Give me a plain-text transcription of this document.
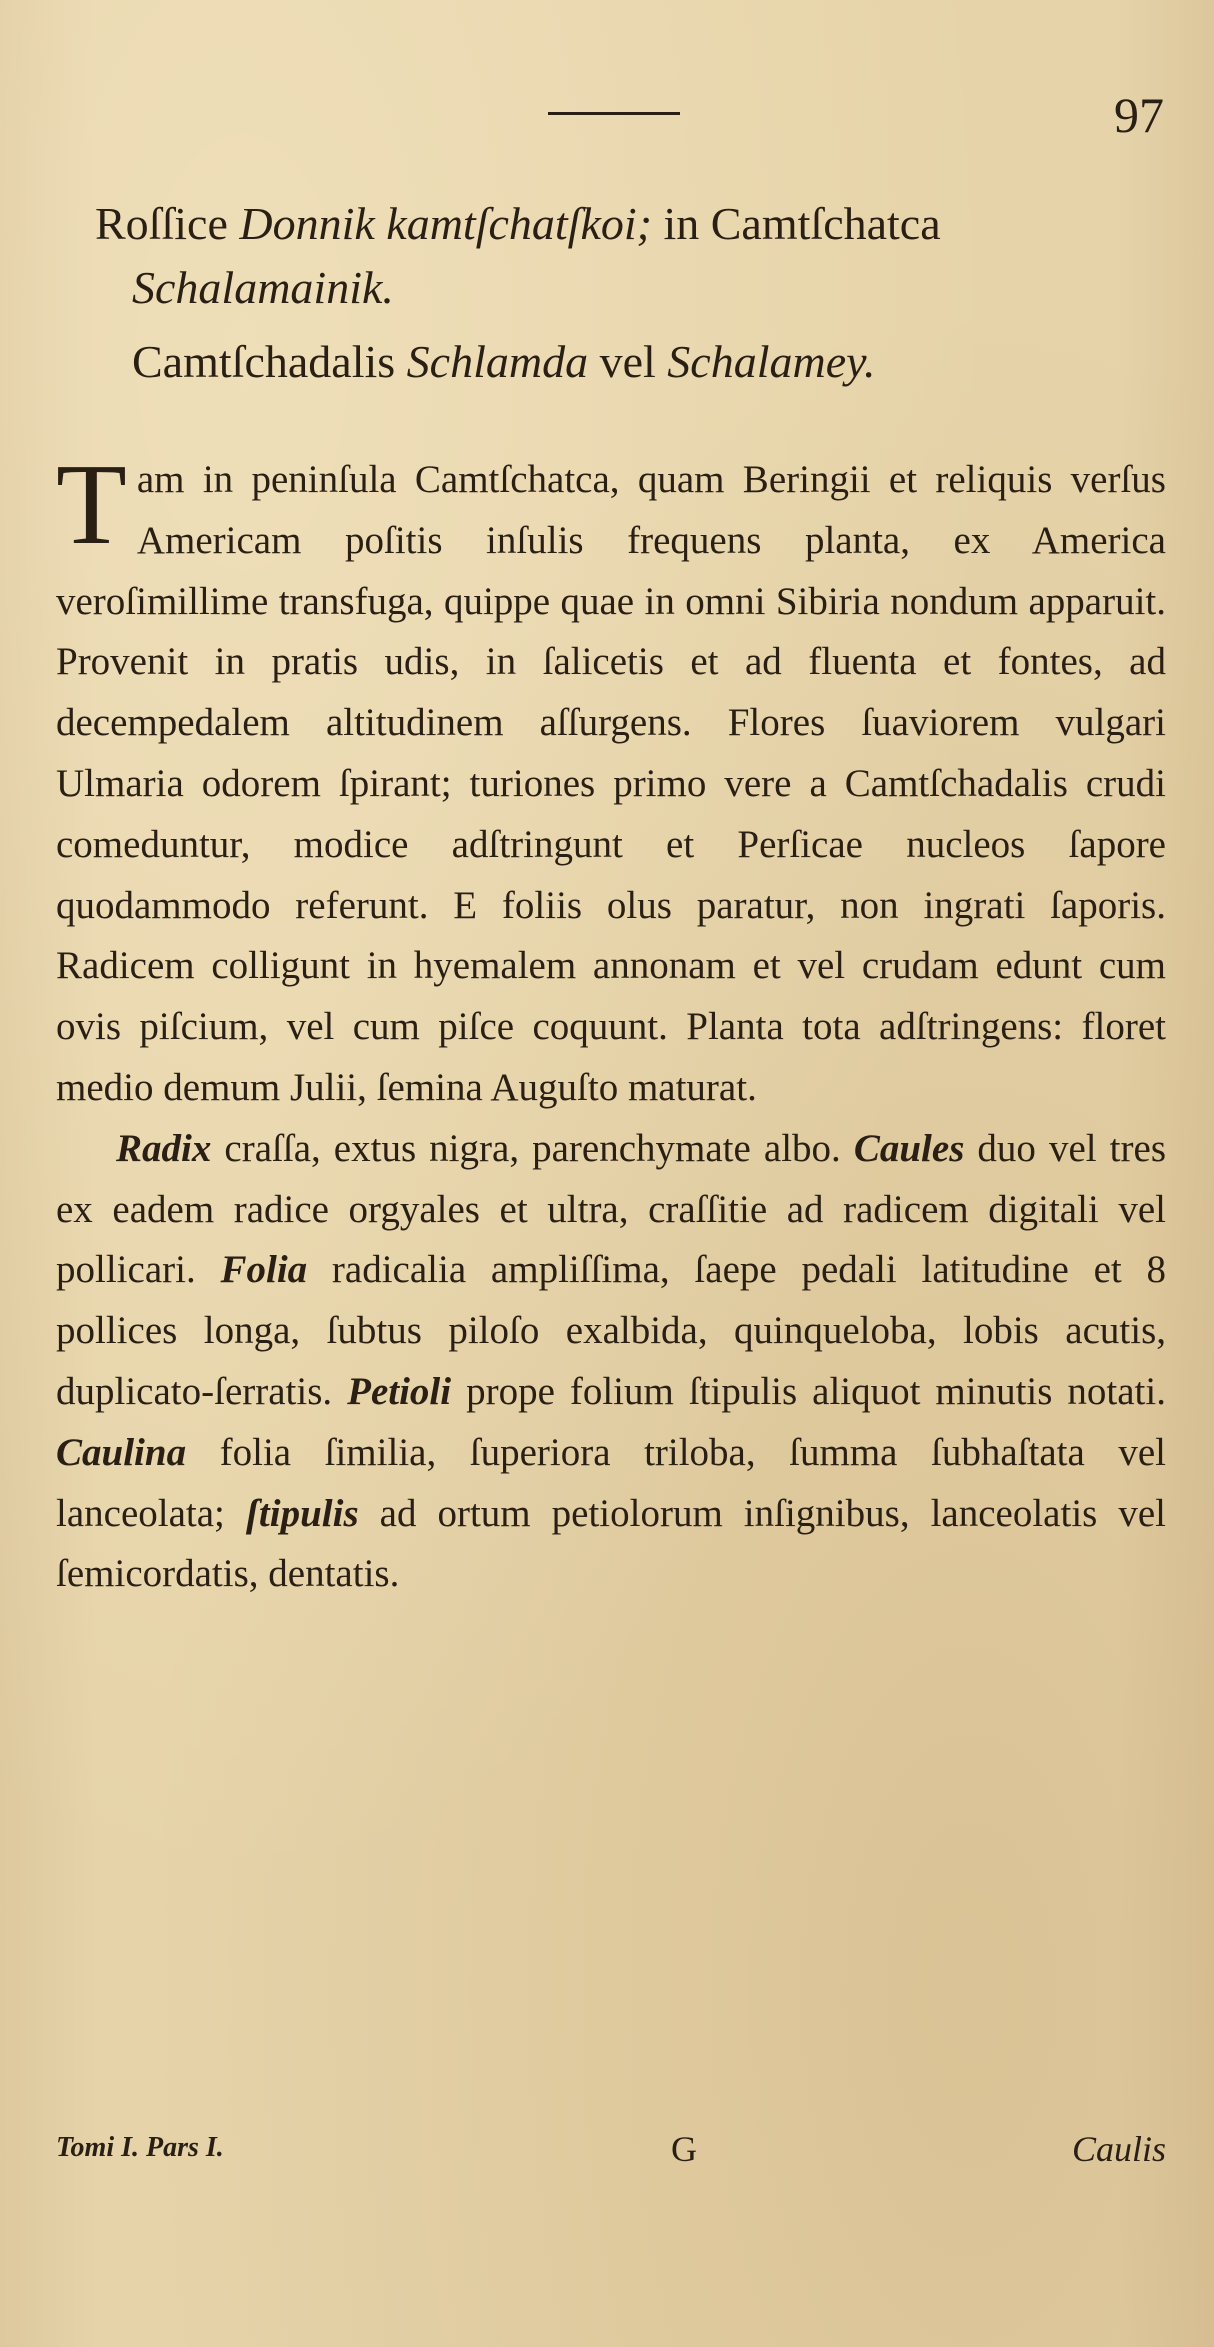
97
Roſſice Donnik kamtſchatſkoi; in Camtſchatca
Schalamainik.
Camtſchadalis Schlamda vel Schalamey.

Tam in peninſula Camtſchatca, quam Beringii et reliquis verſus Americam poſitis inſulis frequens planta, ex America veroſimillime transfuga, quippe quae in omni Sibiria nondum apparuit. Provenit in pratis udis, in ſalicetis et ad fluenta et fontes, ad decempedalem altitudinem aſſurgens. Flores ſuaviorem vulgari Ulmaria odorem ſpirant; turiones primo vere a Camtſchadalis crudi comeduntur, modice adſtringunt et Perſicae nucleos ſapore quodammodo referunt. E foliis olus paratur, non ingrati ſaporis. Radicem colligunt in hyemalem annonam et vel crudam edunt cum ovis piſcium, vel cum piſce coquunt. Planta tota adſtringens: floret medio demum Julii, ſemina Auguſto maturat.

Radix craſſa, extus nigra, parenchymate albo. Caules duo vel tres ex eadem radice orgyales et ultra, craſſitie ad radicem digitali vel pollicari. Folia radicalia ampliſſima, ſaepe pedali latitudine et 8 pollices longa, ſubtus piloſo exalbida, quinqueloba, lobis acutis, duplicato-ſerratis. Petioli prope folium ſtipulis aliquot minutis notati. Caulina folia ſimilia, ſuperiora triloba, ſumma ſubhaſtata vel lanceolata; ſtipulis ad ortum petiolorum inſignibus, lanceolatis vel ſemicordatis, dentatis.

Tomi I. Pars I.	G	Caulis
